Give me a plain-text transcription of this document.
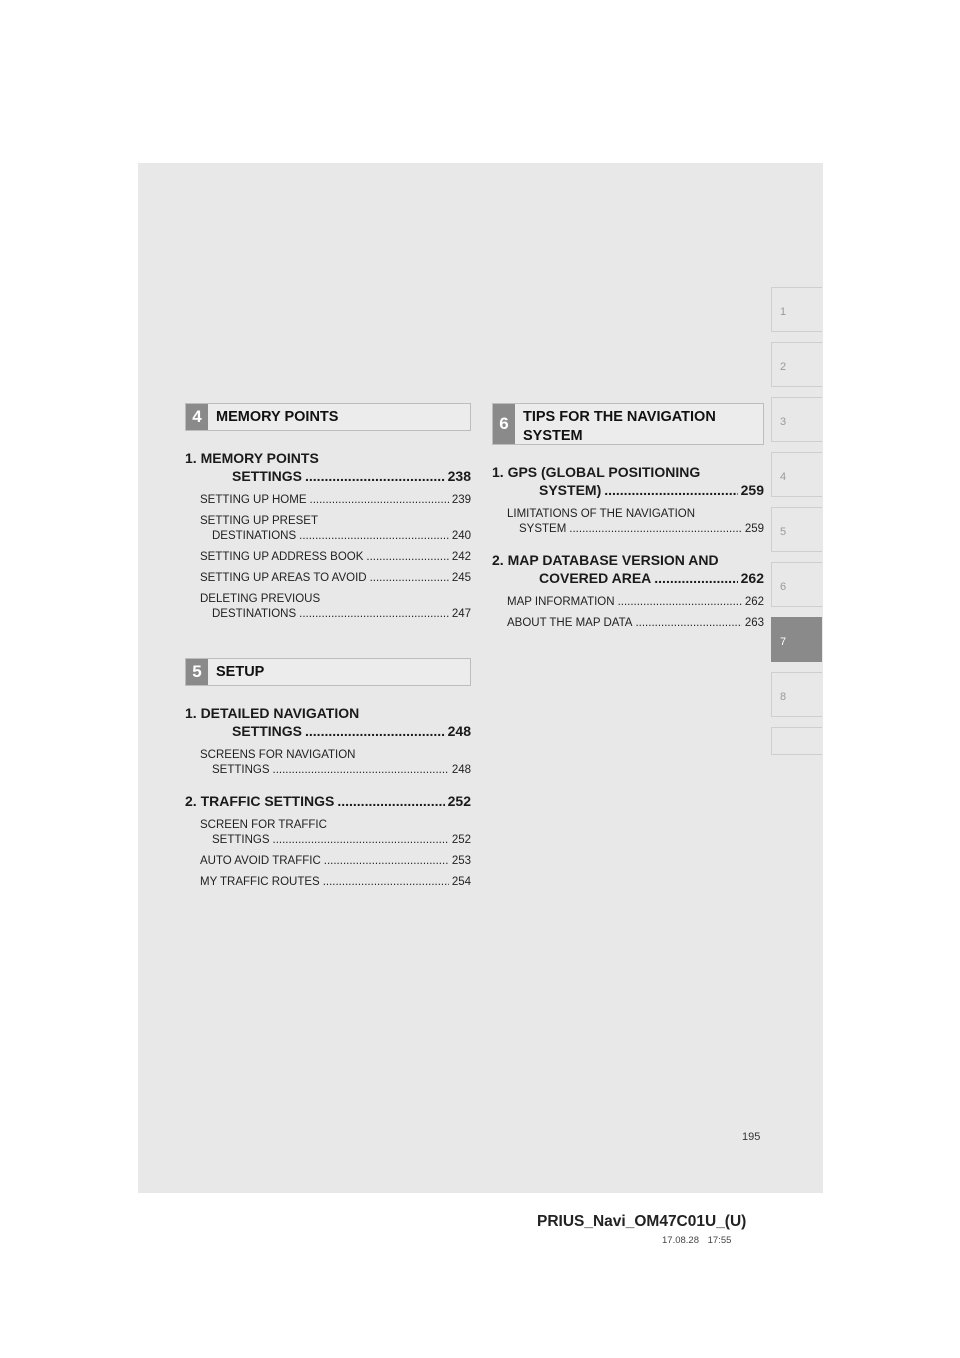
4 MEMORY POINTS
1. MEMORY POINTS
SETTINGS .....	238
SETTING UP HOME .....	239
SETTING UP PRESET
DESTINATIONS .....	240
SETTING UP ADDRESS BOOK .....	242
SETTING UP AREAS TO AVOID .....	245
DELETING PREVIOUS
DESTINATIONS .....	247
5 SETUP
1. DETAILED NAVIGATION
SETTINGS .....	248
SCREENS FOR NAVIGATION
SETTINGS .....	248
2. TRAFFIC SETTINGS .....	252
SCREEN FOR TRAFFIC
SETTINGS .....	252
AUTO AVOID TRAFFIC .....	253
MY TRAFFIC ROUTES .....	254
6 TIPS FOR THE NAVIGATION
SYSTEM
1. GPS (GLOBAL POSITIONING
SYSTEM) .....	259
LIMITATIONS OF THE NAVIGATION
SYSTEM .....	259
2. MAP DATABASE VERSION AND
COVERED AREA .....	262
MAP INFORMATION .....	262
ABOUT THE MAP DATA .....	263
1
2
3
4
5
6
7
8
195
PRIUS_Navi_OM47C01U_(U)
17.08.28 17:55
